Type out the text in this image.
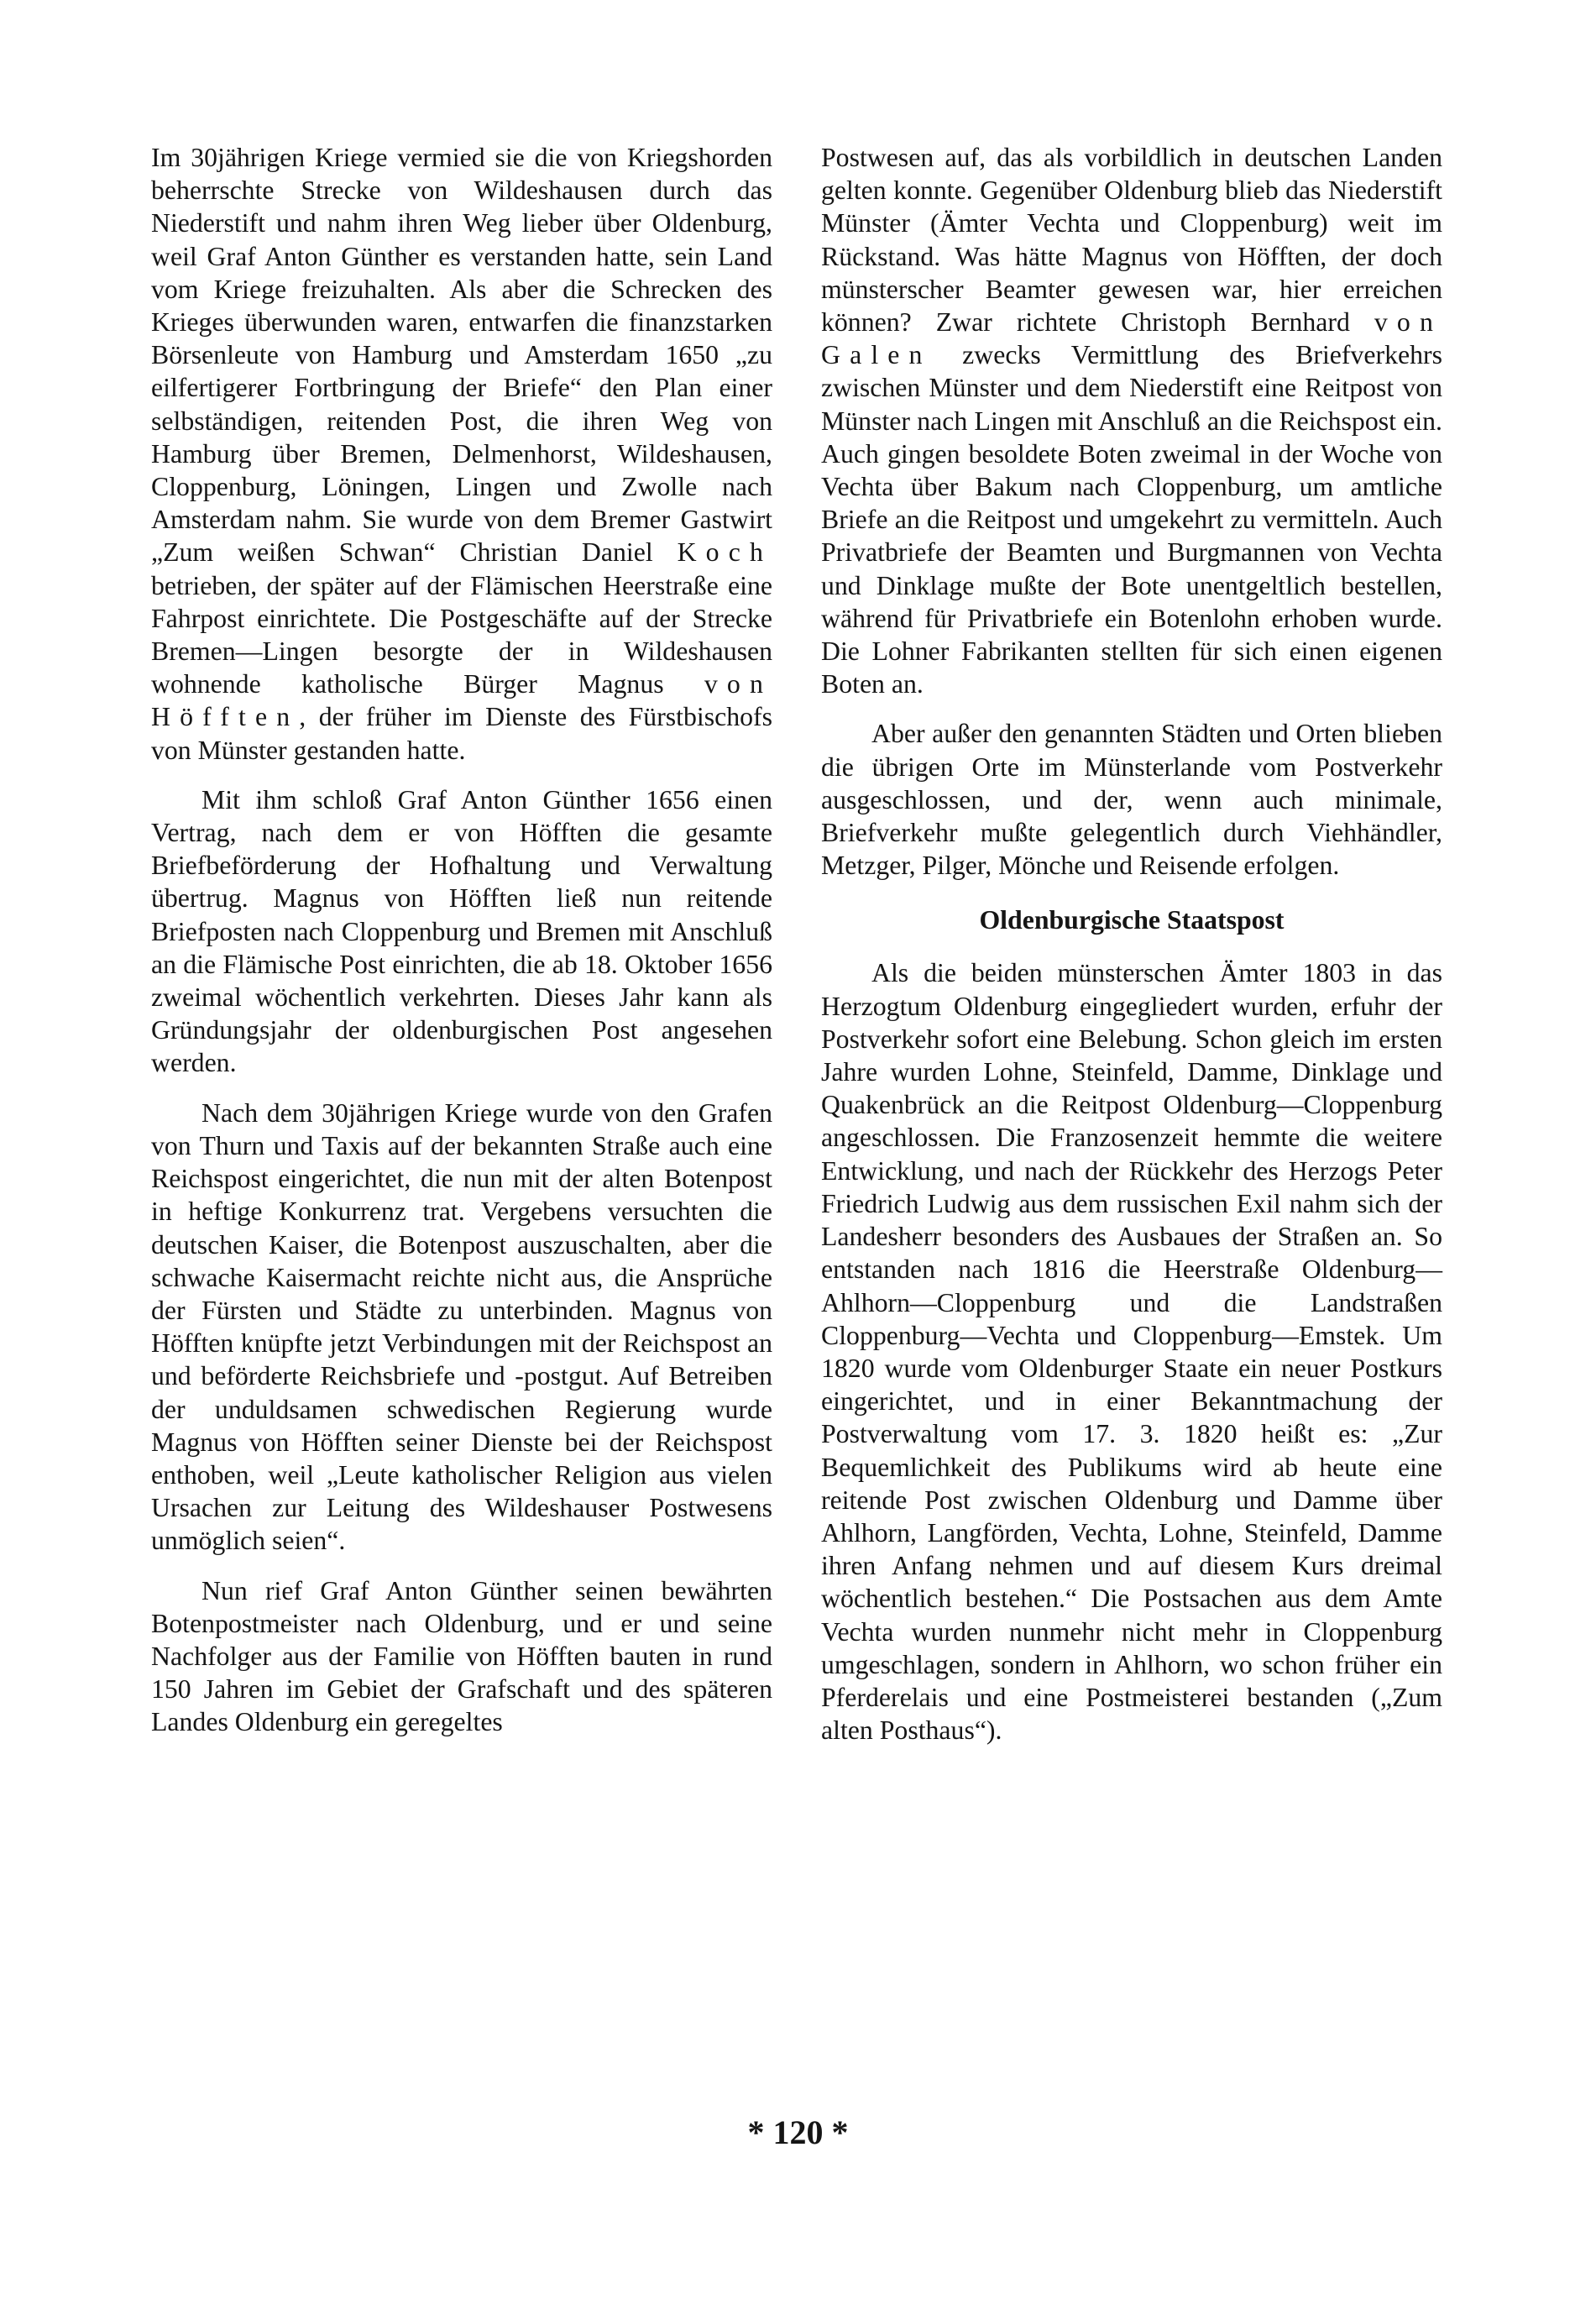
Im 30jährigen Kriege vermied sie die von Kriegshorden beherrschte Strecke von Wildeshausen durch das Niederstift und nahm ihren Weg lieber über Oldenburg, weil Graf Anton Günther es verstanden hatte, sein Land vom Kriege freizuhalten. Als aber die Schrecken des Krieges überwunden waren, entwarfen die finanzstarken Börsenleute von Hamburg und Amsterdam 1650 „zu eilfertigerer Fortbringung der Briefe“ den Plan einer selbständigen, reitenden Post, die ihren Weg von Hamburg über Bremen, Delmenhorst, Wildeshausen, Cloppenburg, Löningen, Lingen und Zwolle nach Amsterdam nahm. Sie wurde von dem Bremer Gastwirt „Zum weißen Schwan“ Christian Daniel Koch betrieben, der später auf der Flämischen Heerstraße eine Fahrpost einrichtete. Die Postgeschäfte auf der Strecke Bremen—Lingen besorgte der in Wildeshausen wohnende katholische Bürger Magnus von Höfften, der früher im Dienste des Fürstbischofs von Münster gestanden hatte.

Mit ihm schloß Graf Anton Günther 1656 einen Vertrag, nach dem er von Höfften die gesamte Briefbeförderung der Hofhaltung und Verwaltung übertrug. Magnus von Höfften ließ nun reitende Briefposten nach Cloppenburg und Bremen mit Anschluß an die Flämische Post einrichten, die ab 18. Oktober 1656 zweimal wöchentlich verkehrten. Dieses Jahr kann als Gründungsjahr der oldenburgischen Post angesehen werden.

Nach dem 30jährigen Kriege wurde von den Grafen von Thurn und Taxis auf der bekannten Straße auch eine Reichspost eingerichtet, die nun mit der alten Botenpost in heftige Konkurrenz trat. Vergebens versuchten die deutschen Kaiser, die Botenpost auszuschalten, aber die schwache Kaisermacht reichte nicht aus, die Ansprüche der Fürsten und Städte zu unterbinden. Magnus von Höfften knüpfte jetzt Verbindungen mit der Reichspost an und beförderte Reichsbriefe und -postgut. Auf Betreiben der unduldsamen schwedischen Regierung wurde Magnus von Höfften seiner Dienste bei der Reichspost enthoben, weil „Leute katholischer Religion aus vielen Ursachen zur Leitung des Wildeshauser Postwesens unmöglich seien“.

Nun rief Graf Anton Günther seinen bewährten Botenpostmeister nach Oldenburg, und er und seine Nachfolger aus der Familie von Höfften bauten in rund 150 Jahren im Gebiet der Grafschaft und des späteren Landes Oldenburg ein geregeltes

Postwesen auf, das als vorbildlich in deutschen Landen gelten konnte. Gegenüber Oldenburg blieb das Niederstift Münster (Ämter Vechta und Cloppenburg) weit im Rückstand. Was hätte Magnus von Höfften, der doch münsterscher Beamter gewesen war, hier erreichen können? Zwar richtete Christoph Bernhard von Galen zwecks Vermittlung des Briefverkehrs zwischen Münster und dem Niederstift eine Reitpost von Münster nach Lingen mit Anschluß an die Reichspost ein. Auch gingen besoldete Boten zweimal in der Woche von Vechta über Bakum nach Cloppenburg, um amtliche Briefe an die Reitpost und umgekehrt zu vermitteln. Auch Privatbriefe der Beamten und Burgmannen von Vechta und Dinklage mußte der Bote unentgeltlich bestellen, während für Privatbriefe ein Botenlohn erhoben wurde. Die Lohner Fabrikanten stellten für sich einen eigenen Boten an.

Aber außer den genannten Städten und Orten blieben die übrigen Orte im Münsterlande vom Postverkehr ausgeschlossen, und der, wenn auch minimale, Briefverkehr mußte gelegentlich durch Viehhändler, Metzger, Pilger, Mönche und Reisende erfolgen.

Oldenburgische Staatspost

Als die beiden münsterschen Ämter 1803 in das Herzogtum Oldenburg eingegliedert wurden, erfuhr der Postverkehr sofort eine Belebung. Schon gleich im ersten Jahre wurden Lohne, Steinfeld, Damme, Dinklage und Quakenbrück an die Reitpost Oldenburg—Cloppenburg angeschlossen. Die Franzosenzeit hemmte die weitere Entwicklung, und nach der Rückkehr des Herzogs Peter Friedrich Ludwig aus dem russischen Exil nahm sich der Landesherr besonders des Ausbaues der Straßen an. So entstanden nach 1816 die Heerstraße Oldenburg—Ahlhorn—Cloppenburg und die Landstraßen Cloppenburg—Vechta und Cloppenburg—Emstek. Um 1820 wurde vom Oldenburger Staate ein neuer Postkurs eingerichtet, und in einer Bekanntmachung der Postverwaltung vom 17. 3. 1820 heißt es: „Zur Bequemlichkeit des Publikums wird ab heute eine reitende Post zwischen Oldenburg und Damme über Ahlhorn, Langförden, Vechta, Lohne, Steinfeld, Damme ihren Anfang nehmen und auf diesem Kurs dreimal wöchentlich bestehen.“ Die Postsachen aus dem Amte Vechta wurden nunmehr nicht mehr in Cloppenburg umgeschlagen, sondern in Ahlhorn, wo schon früher ein Pferderelais und eine Postmeisterei bestanden („Zum alten Posthaus“).

* 120 *
